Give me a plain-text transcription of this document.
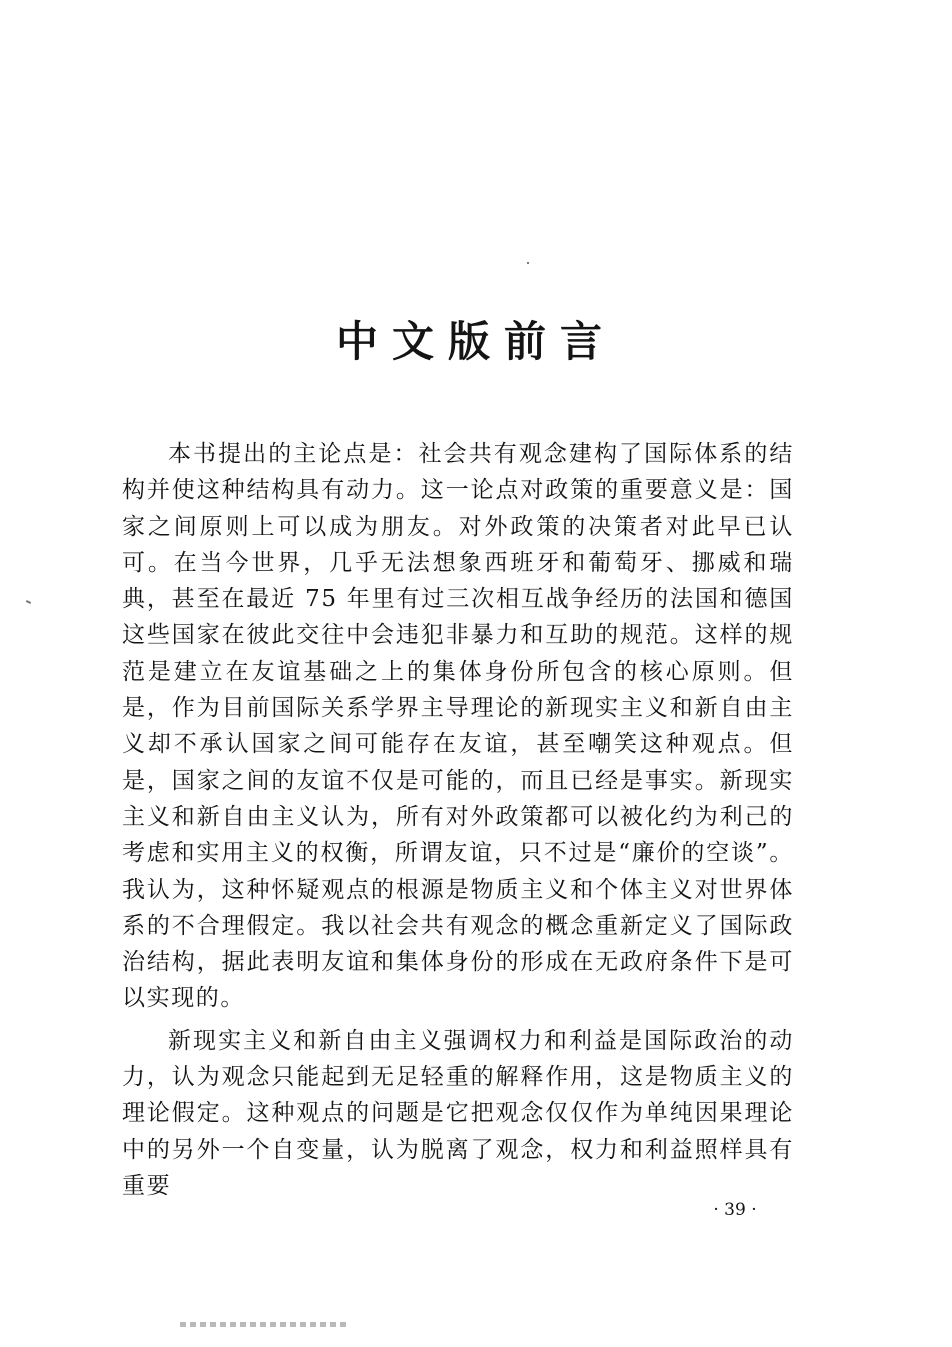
中文版前言

本书提出的主论点是：社会共有观念建构了国际体系的结构并使这种结构具有动力。这一论点对政策的重要意义是：国家之间原则上可以成为朋友。对外政策的决策者对此早已认可。在当今世界，几乎无法想象西班牙和葡萄牙、挪威和瑞典，甚至在最近 75 年里有过三次相互战争经历的法国和德国这些国家在彼此交往中会违犯非暴力和互助的规范。这样的规范是建立在友谊基础之上的集体身份所包含的核心原则。但是，作为目前国际关系学界主导理论的新现实主义和新自由主义却不承认国家之间可能存在友谊，甚至嘲笑这种观点。但是，国家之间的友谊不仅是可能的，而且已经是事实。新现实主义和新自由主义认为，所有对外政策都可以被化约为利己的考虑和实用主义的权衡，所谓友谊，只不过是“廉价的空谈”。我认为，这种怀疑观点的根源是物质主义和个体主义对世界体系的不合理假定。我以社会共有观念的概念重新定义了国际政治结构，据此表明友谊和集体身份的形成在无政府条件下是可以实现的。

新现实主义和新自由主义强调权力和利益是国际政治的动力，认为观念只能起到无足轻重的解释作用，这是物质主义的理论假定。这种观点的问题是它把观念仅仅作为单纯因果理论中的另外一个自变量，认为脱离了观念，权力和利益照样具有重要

· 39 ·
